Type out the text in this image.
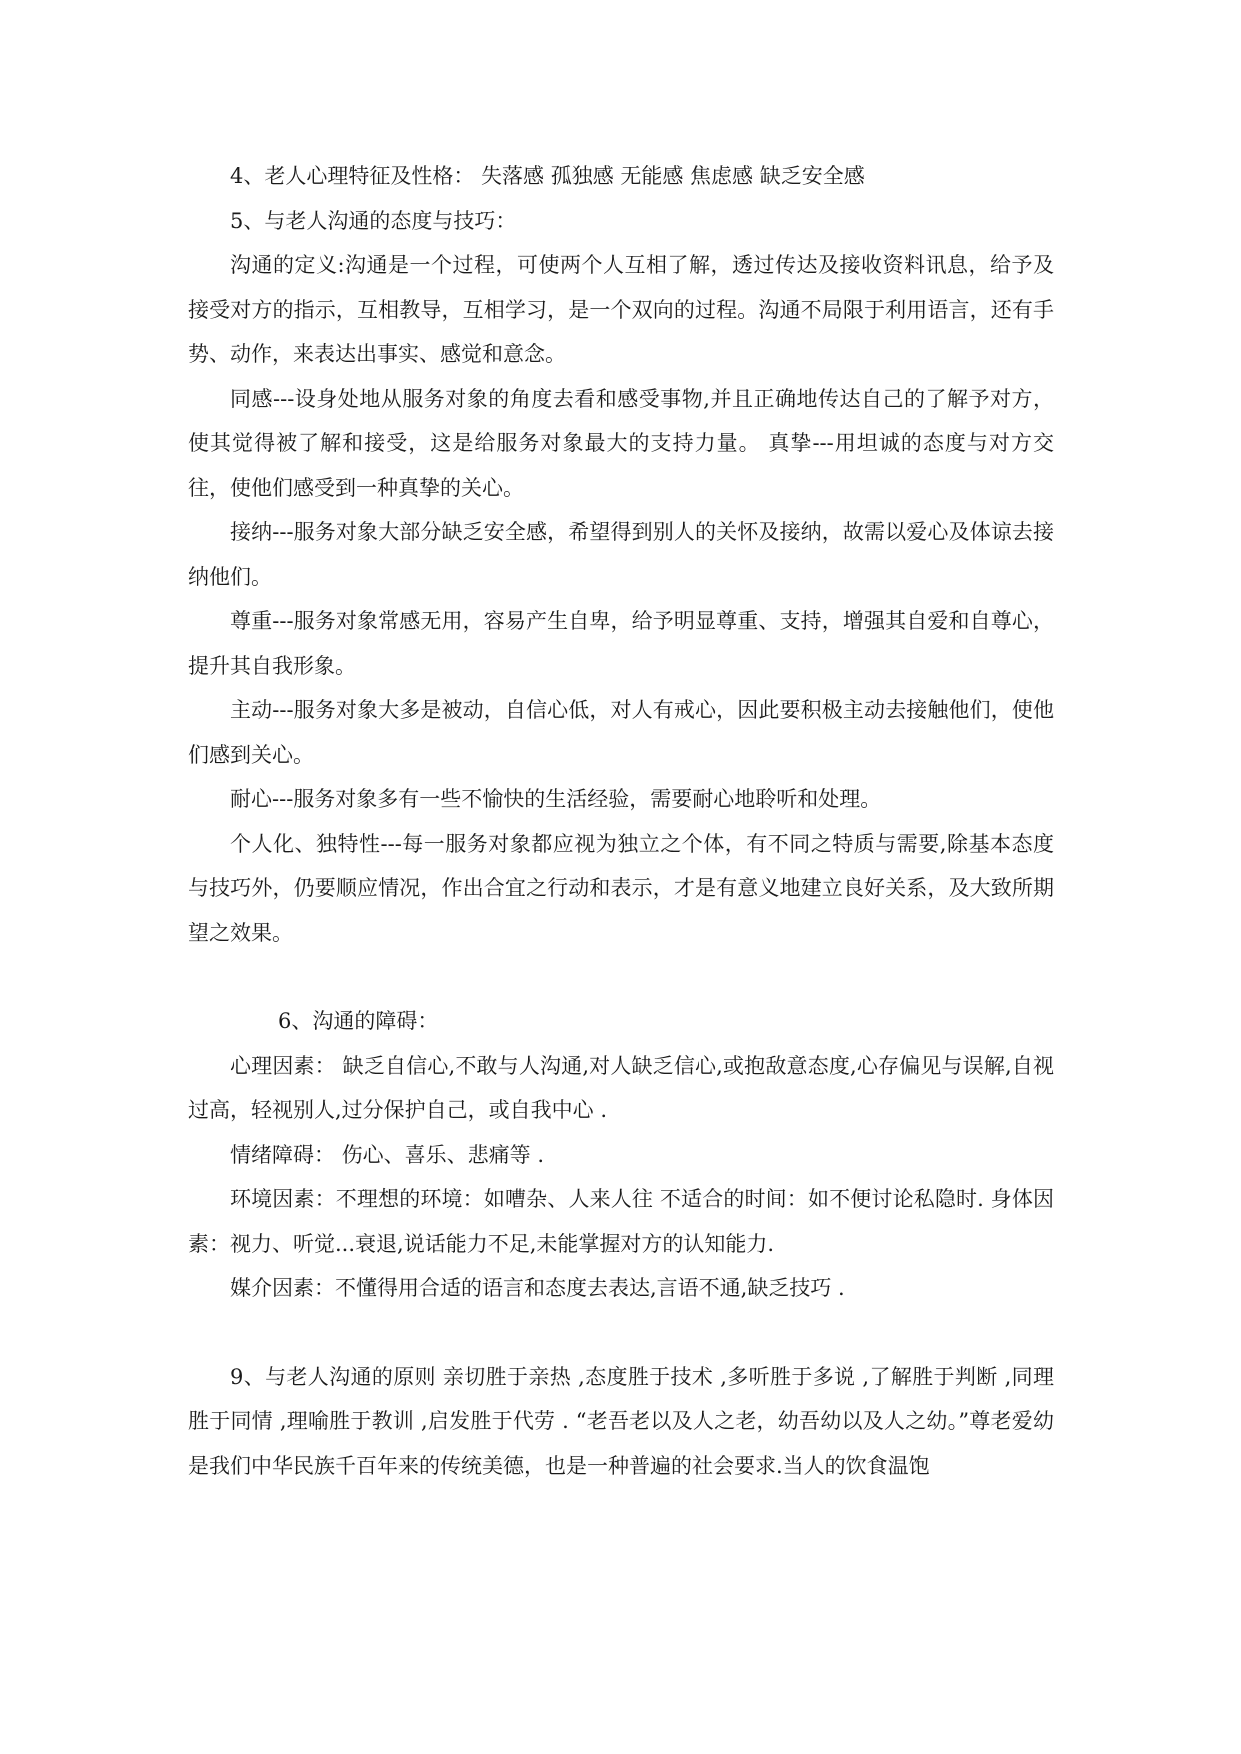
4、老人心理特征及性格： 失落感 孤独感 无能感 焦虑感 缺乏安全感

5、与老人沟通的态度与技巧：

沟通的定义:沟通是一个过程，可使两个人互相了解，透过传达及接收资料讯息，给予及接受对方的指示，互相教导，互相学习，是一个双向的过程。沟通不局限于利用语言，还有手势、动作，来表达出事实、感觉和意念。

同感---设身处地从服务对象的角度去看和感受事物,并且正确地传达自己的了解予对方，使其觉得被了解和接受，这是给服务对象最大的支持力量。 真挚---用坦诚的态度与对方交往，使他们感受到一种真挚的关心。

接纳---服务对象大部分缺乏安全感，希望得到别人的关怀及接纳，故需以爱心及体谅去接纳他们。

尊重---服务对象常感无用，容易产生自卑，给予明显尊重、支持，增强其自爱和自尊心，提升其自我形象。

主动---服务对象大多是被动，自信心低，对人有戒心，因此要积极主动去接触他们，使他们感到关心。

耐心---服务对象多有一些不愉快的生活经验，需要耐心地聆听和处理。

个人化、独特性---每一服务对象都应视为独立之个体，有不同之特质与需要,除基本态度与技巧外，仍要顺应情况，作出合宜之行动和表示，才是有意义地建立良好关系，及大致所期望之效果。

6、沟通的障碍：

心理因素： 缺乏自信心,不敢与人沟通,对人缺乏信心,或抱敌意态度,心存偏见与误解,自视过高，轻视别人,过分保护自己，或自我中心 .

情绪障碍： 伤心、喜乐、悲痛等 .

环境因素：不理想的环境：如嘈杂、人来人往 不适合的时间：如不便讨论私隐时. 身体因素：视力、听觉...衰退,说话能力不足,未能掌握对方的认知能力.

媒介因素：不懂得用合适的语言和态度去表达,言语不通,缺乏技巧 .

9、与老人沟通的原则 亲切胜于亲热 ,态度胜于技术 ,多听胜于多说 ,了解胜于判断 ,同理胜于同情 ,理喻胜于教训 ,启发胜于代劳 . “老吾老以及人之老，幼吾幼以及人之幼。”尊老爱幼是我们中华民族千百年来的传统美德，也是一种普遍的社会要求.当人的饮食温饱
